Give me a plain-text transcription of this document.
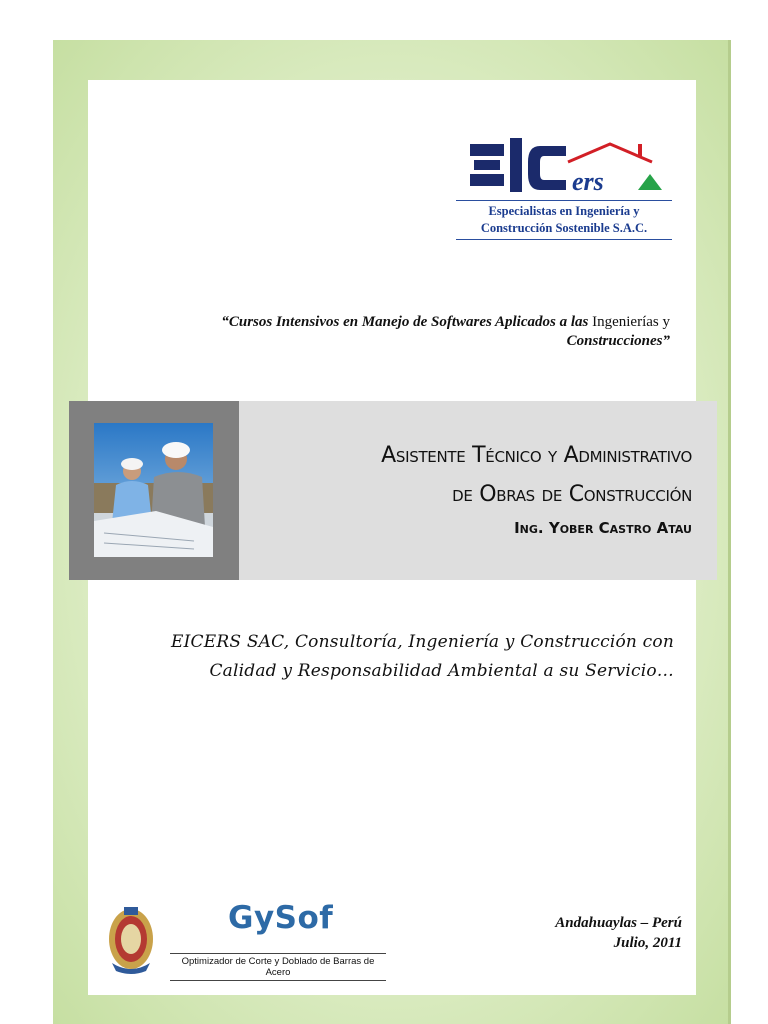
ers
Especialistas en Ingeniería y
Construcción Sostenible S.A.C.
“Cursos Intensivos en Manejo de Softwares Aplicados a las Ingenierías y
Construcciones”
Asistente Técnico y Administrativo
de Obras de Construcción
Ing. Yober Castro Atau
EICERS SAC, Consultoría, Ingeniería y Construcción con
Calidad y Responsabilidad Ambiental a su Servicio…
GySof
Optimizador de Corte y Doblado de Barras de Acero
Andahuaylas – Perú
Julio, 2011
